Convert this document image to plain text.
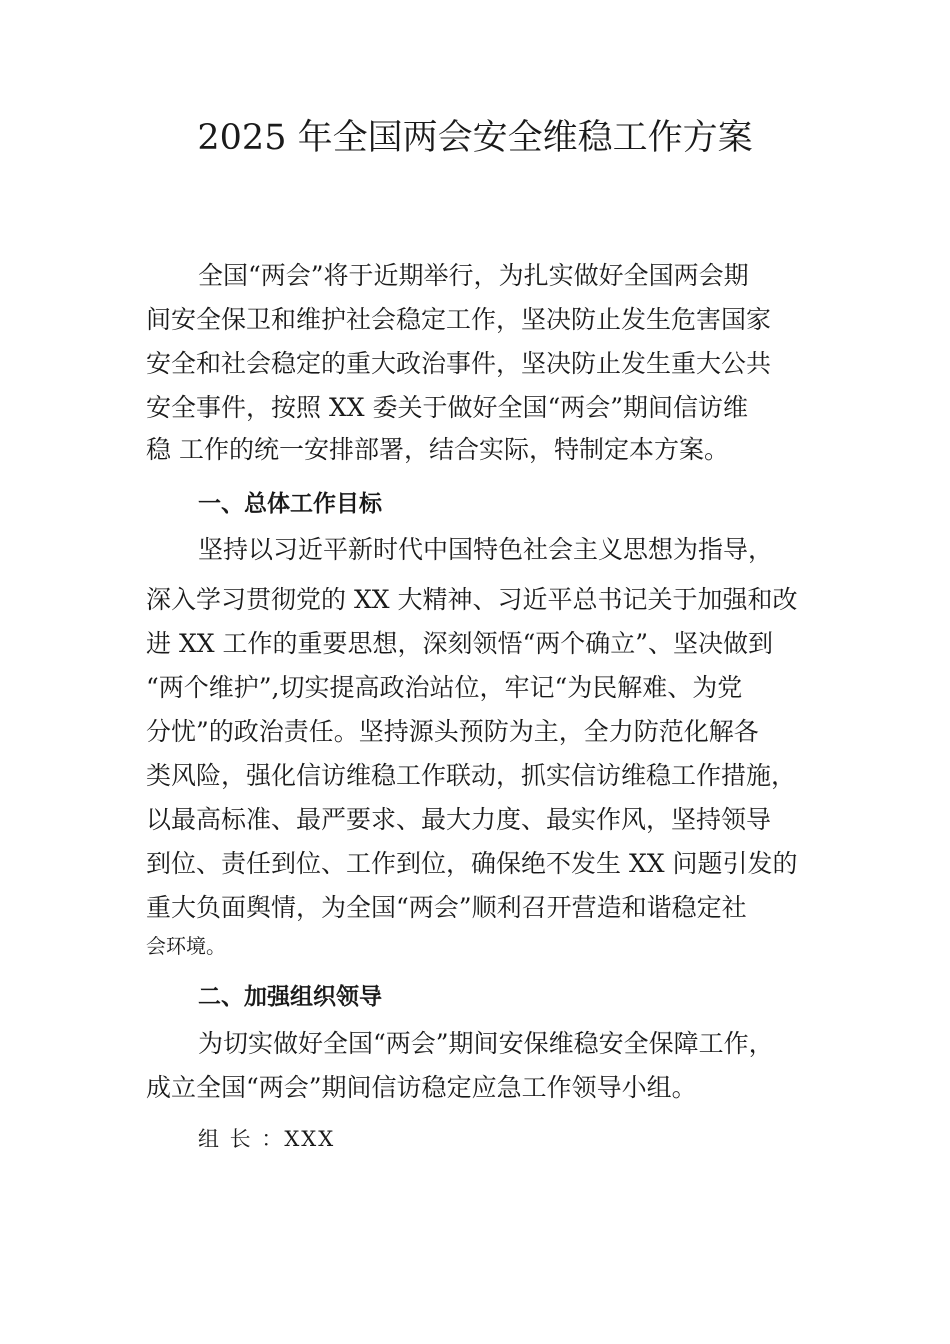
2025 年全国两会安全维稳工作方案
全国“两会”将于近期举行，为扎实做好全国两会期
间安全保卫和维护社会稳定工作，坚决防止发生危害国家
安全和社会稳定的重大政治事件，坚决防止发生重大公共
安全事件，按照 XX 委关于做好全国“两会”期间信访维
稳 工作的统一安排部署，结合实际，特制定本方案。
一、总体工作目标
坚持以习近平新时代中国特色社会主义思想为指导，
深入学习贯彻党的 XX 大精神、习近平总书记关于加强和改
进 XX 工作的重要思想，深刻领悟“两个确立”、坚决做到
“两个维护”,切实提高政治站位，牢记“为民解难、为党
分忧”的政治责任。坚持源头预防为主，全力防范化解各
类风险，强化信访维稳工作联动，抓实信访维稳工作措施，
以最高标准、最严要求、最大力度、最实作风，坚持领导
到位、责任到位、工作到位，确保绝不发生 XX 问题引发的
重大负面舆情，为全国“两会”顺利召开营造和谐稳定社
会环境。
二、加强组织领导
为切实做好全国“两会”期间安保维稳安全保障工作，
成立全国“两会”期间信访稳定应急工作领导小组。
组 长 ：XXX
